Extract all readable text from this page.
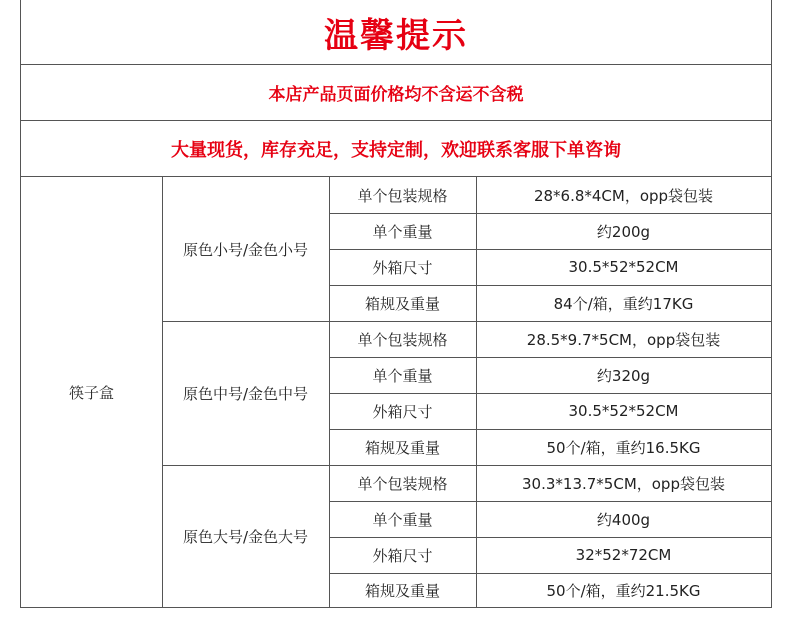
温馨提示
本店产品页面价格均不含运不含税
大量现货，库存充足，支持定制，欢迎联系客服下单咨询
筷子盒
原色小号/金色小号
单个包装规格	28*6.8*4CM，opp袋包装
单个重量	约200g
外箱尺寸	30.5*52*52CM
箱规及重量	84个/箱，重约17KG
原色中号/金色中号
单个包装规格	28.5*9.7*5CM，opp袋包装
单个重量	约320g
外箱尺寸	30.5*52*52CM
箱规及重量	50个/箱，重约16.5KG
原色大号/金色大号
单个包装规格	30.3*13.7*5CM，opp袋包装
单个重量	约400g
外箱尺寸	32*52*72CM
箱规及重量	50个/箱，重约21.5KG
